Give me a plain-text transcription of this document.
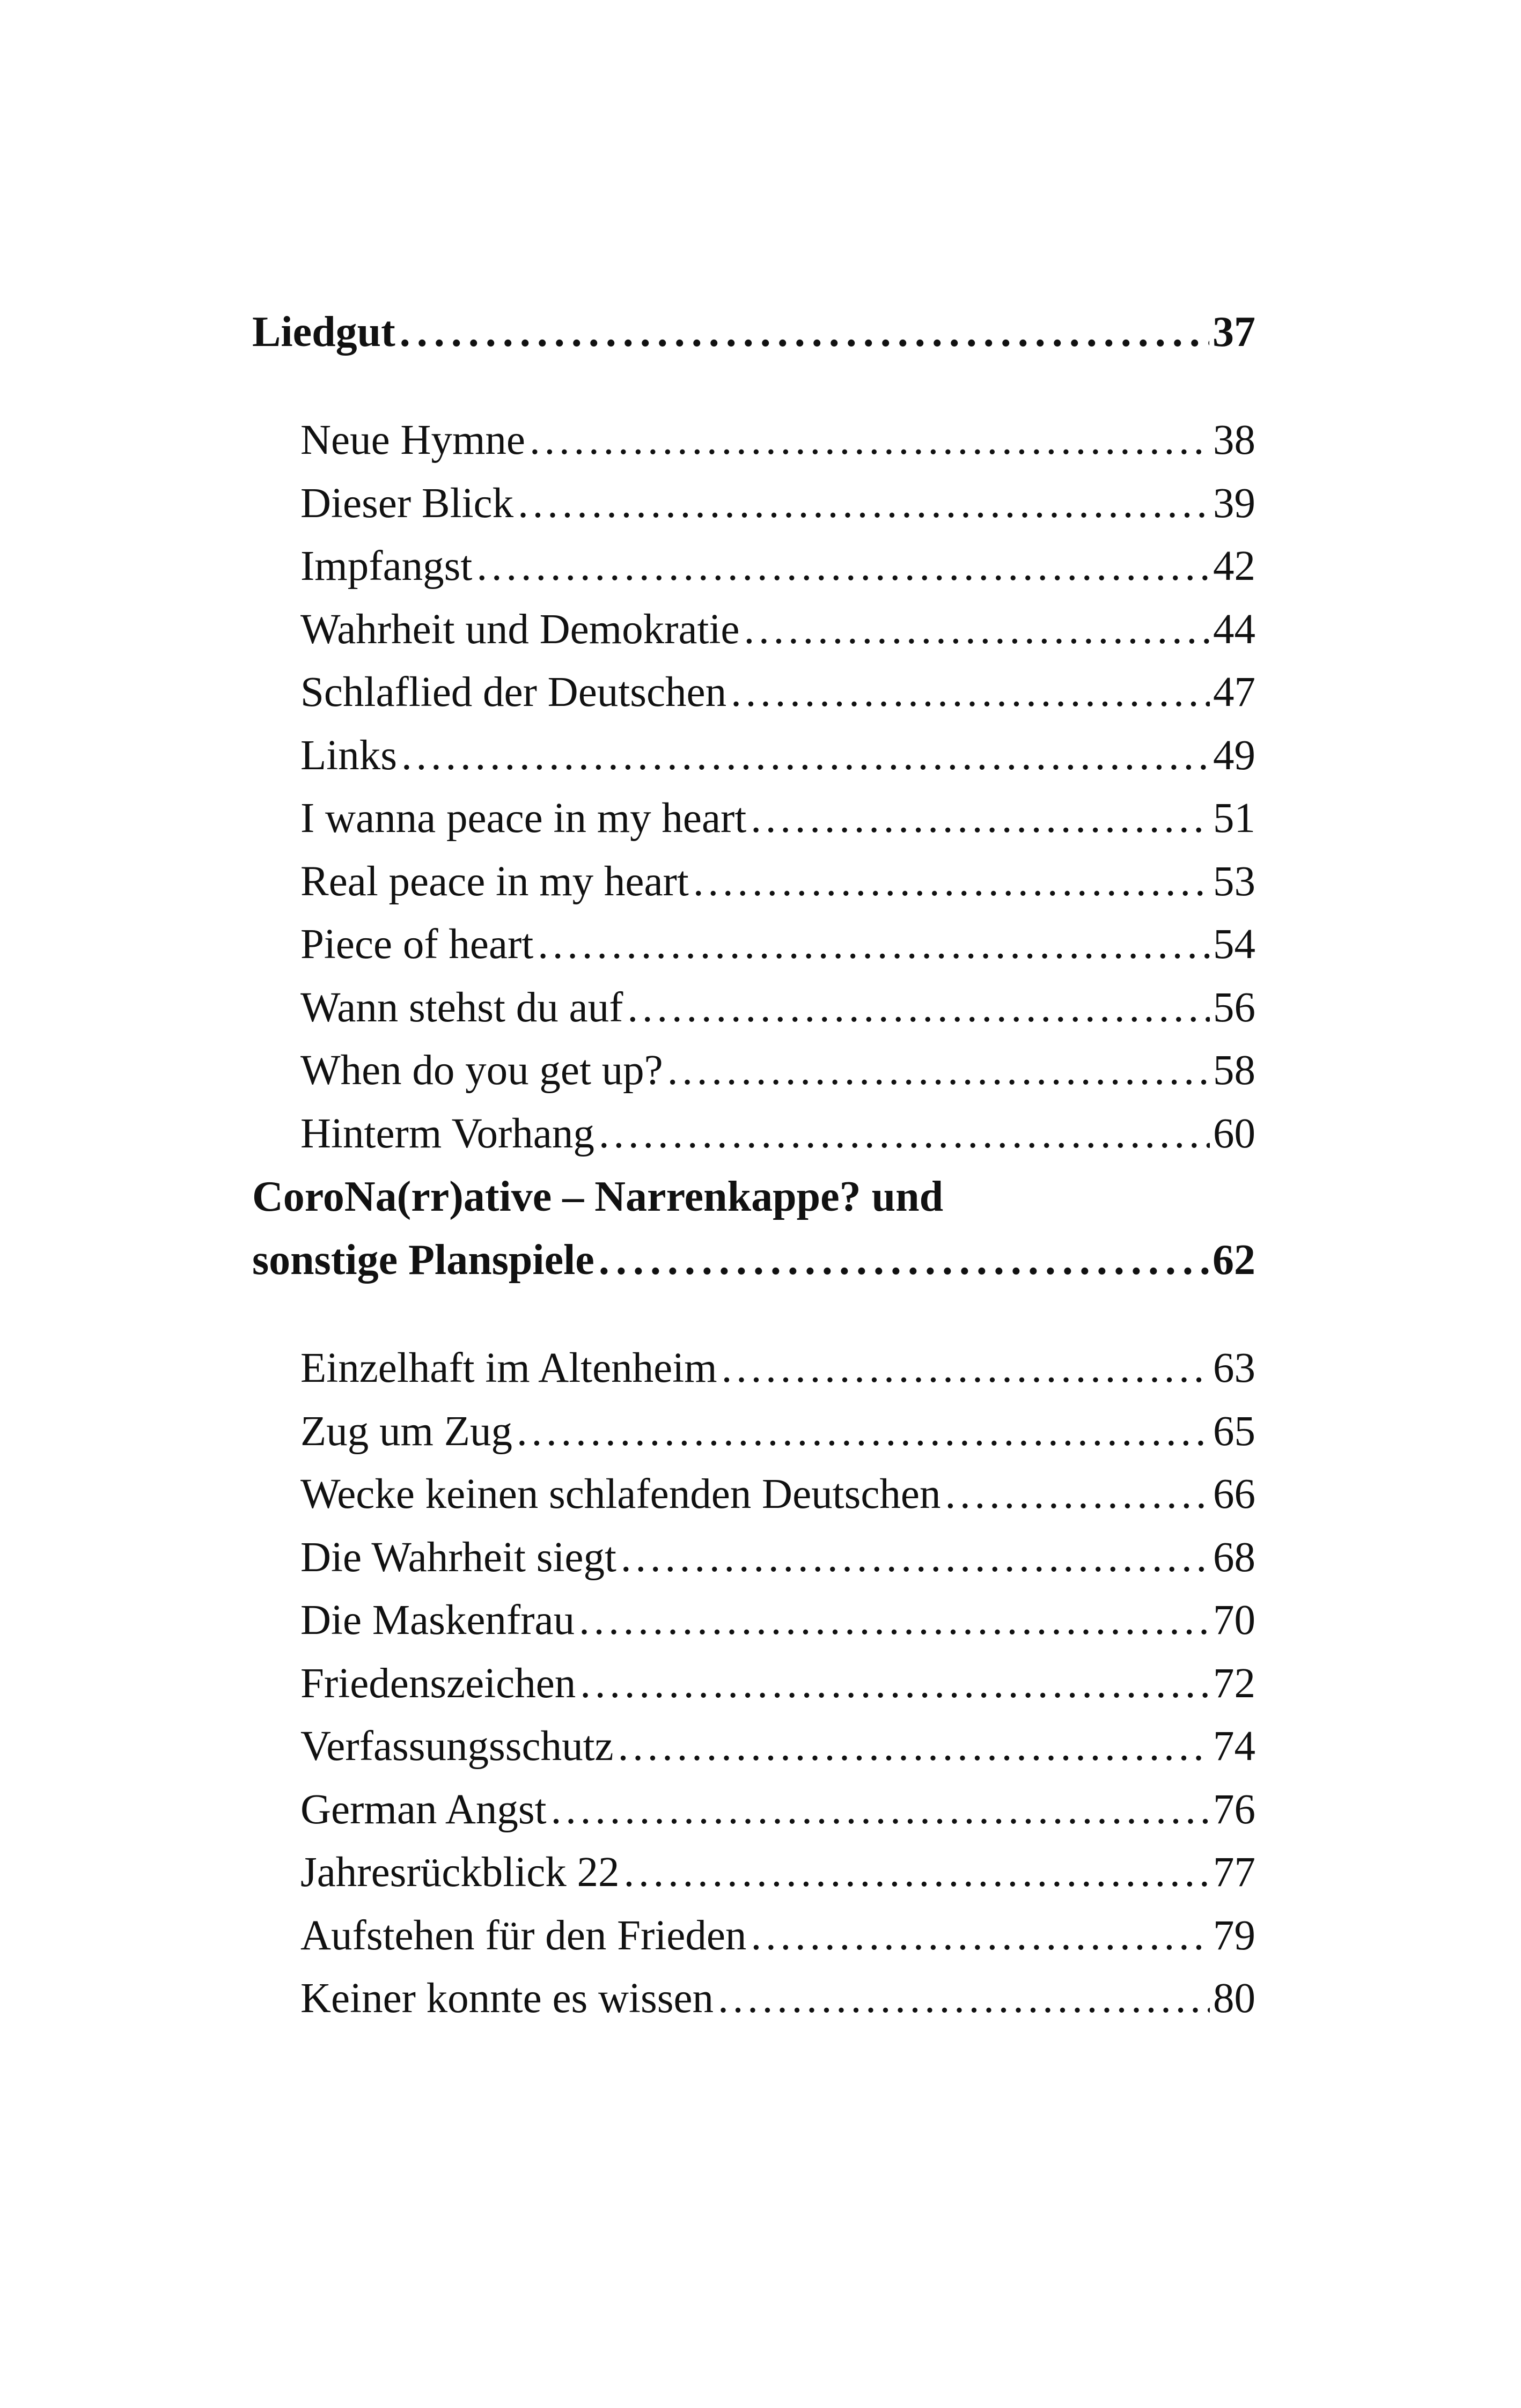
Liedgut . . .	37
Neue Hymne . . .	38
Dieser Blick . . .	39
Impfangst . . .	42
Wahrheit und Demokratie . . .	44
Schlaflied der Deutschen . . .	47
Links . . .	49
I wanna peace in my heart . . .	51
Real peace in my heart . . .	53
Piece of heart . . .	54
Wann stehst du auf . . .	56
When do you get up? . . .	58
Hinterm Vorhang . . .	60
CoroNa(rr)ative – Narrenkappe? und
sonstige Planspiele . . .	62
Einzelhaft im Altenheim . . .	63
Zug um Zug . . .	65
Wecke keinen schlafenden Deutschen . . .	66
Die Wahrheit siegt . . .	68
Die Maskenfrau . . .	70
Friedenszeichen . . .	72
Verfassungsschutz . . .	74
German Angst . . .	76
Jahresrückblick 22 . . .	77
Aufstehen für den Frieden . . .	79
Keiner konnte es wissen . . .	80
